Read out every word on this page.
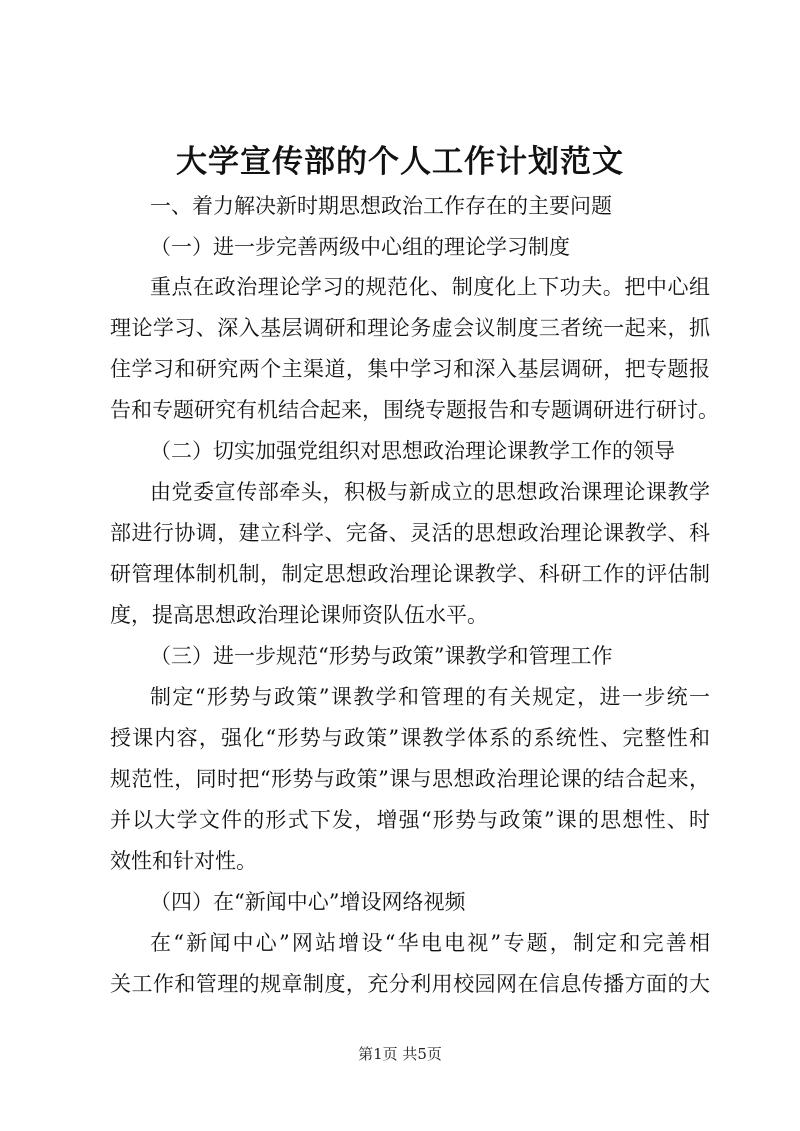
大学宣传部的个人工作计划范文
一、着力解决新时期思想政治工作存在的主要问题
（一）进一步完善两级中心组的理论学习制度
重点在政治理论学习的规范化、制度化上下功夫。把中心组
理论学习、深入基层调研和理论务虚会议制度三者统一起来，抓
住学习和研究两个主渠道，集中学习和深入基层调研，把专题报
告和专题研究有机结合起来，围绕专题报告和专题调研进行研讨。
（二）切实加强党组织对思想政治理论课教学工作的领导
由党委宣传部牵头，积极与新成立的思想政治课理论课教学
部进行协调，建立科学、完备、灵活的思想政治理论课教学、科
研管理体制机制，制定思想政治理论课教学、科研工作的评估制
度，提高思想政治理论课师资队伍水平。
（三）进一步规范“形势与政策”课教学和管理工作
制定“形势与政策”课教学和管理的有关规定，进一步统一
授课内容，强化“形势与政策”课教学体系的系统性、完整性和
规范性，同时把“形势与政策”课与思想政治理论课的结合起来，
并以大学文件的形式下发，增强“形势与政策”课的思想性、时
效性和针对性。
（四）在“新闻中心”增设网络视频
在“新闻中心”网站增设“华电电视”专题，制定和完善相
关工作和管理的规章制度，充分利用校园网在信息传播方面的大
第1页 共5页
